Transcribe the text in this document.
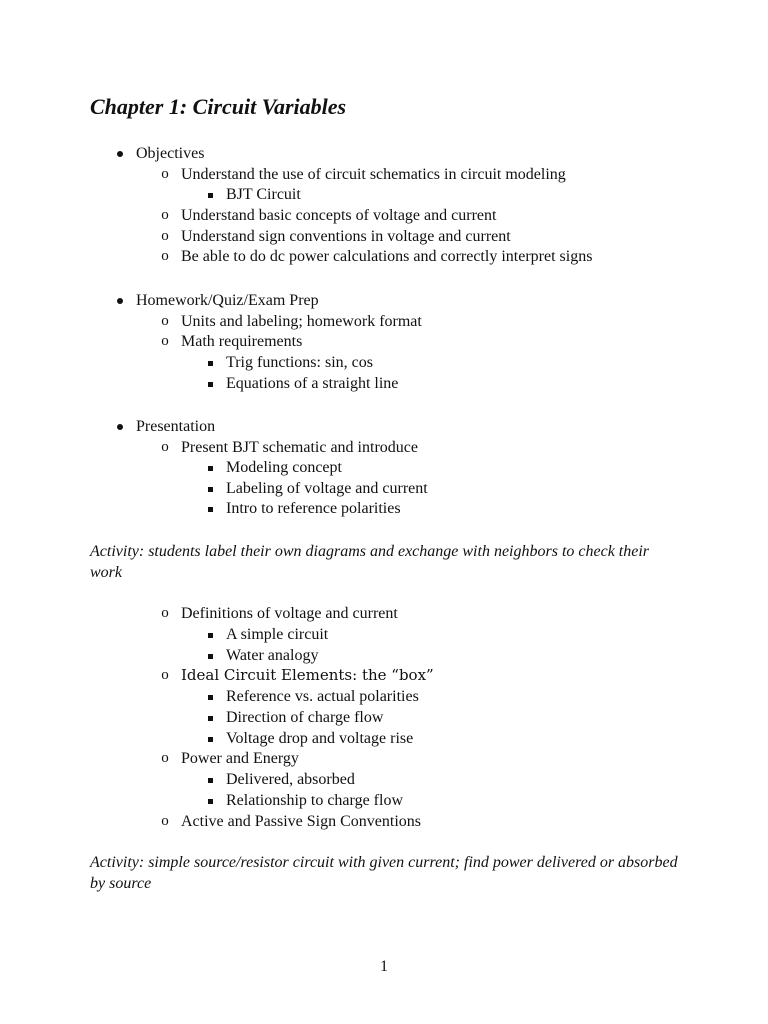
Chapter 1: Circuit Variables
Objectives
o Understand the use of circuit schematics in circuit modeling
BJT Circuit
o Understand basic concepts of voltage and current
o Understand sign conventions in voltage and current
o Be able to do dc power calculations and correctly interpret signs
Homework/Quiz/Exam Prep
o Units and labeling; homework format
o Math requirements
Trig functions: sin, cos
Equations of a straight line
Presentation
o Present BJT schematic and introduce
Modeling concept
Labeling of voltage and current
Intro to reference polarities
Activity: students label their own diagrams and exchange with neighbors to check their work
o Definitions of voltage and current
A simple circuit
Water analogy
o Ideal Circuit Elements: the “box”
Reference vs. actual polarities
Direction of charge flow
Voltage drop and voltage rise
o Power and Energy
Delivered, absorbed
Relationship to charge flow
o Active and Passive Sign Conventions
Activity: simple source/resistor circuit with given current; find power delivered or absorbed by source
1
